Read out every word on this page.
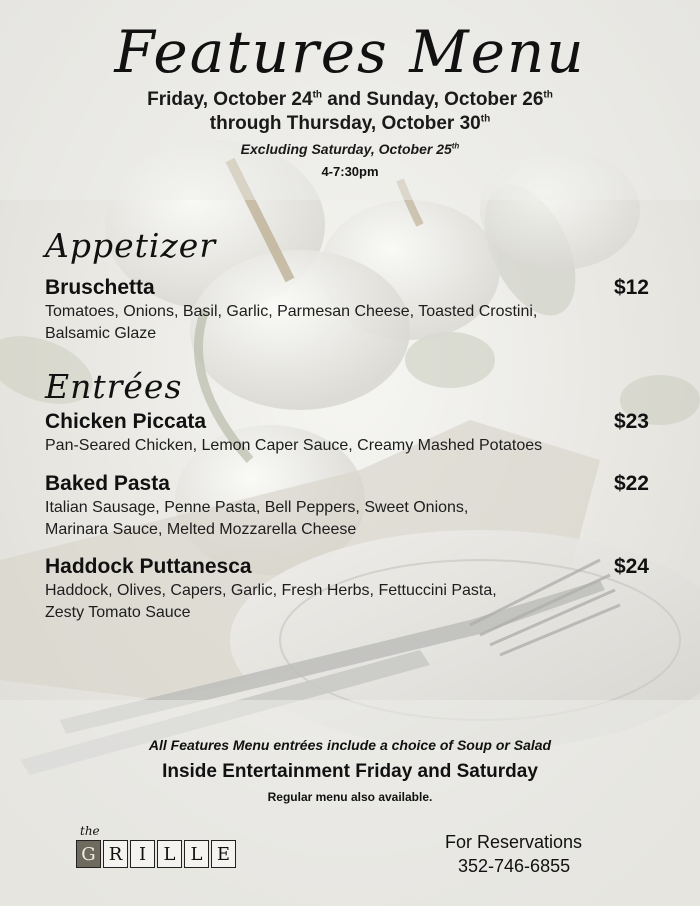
Features Menu
Friday, October 24th and Sunday, October 26th
through Thursday, October 30th
Excluding Saturday, October 25th
4-7:30pm
Appetizer
Bruschetta	$12
Tomatoes, Onions, Basil, Garlic, Parmesan Cheese, Toasted Crostini,
Balsamic Glaze
Entrées
Chicken Piccata	$23
Pan-Seared Chicken, Lemon Caper Sauce, Creamy Mashed Potatoes
Baked Pasta	$22
Italian Sausage, Penne Pasta, Bell Peppers, Sweet Onions,
Marinara Sauce, Melted Mozzarella Cheese
Haddock Puttanesca	$24
Haddock, Olives, Capers, Garlic, Fresh Herbs, Fettuccini Pasta,
Zesty Tomato Sauce
All Features Menu entrées include a choice of Soup or Salad
Inside Entertainment Friday and Saturday
Regular menu also available.
the
G R I L L E
For Reservations
352-746-6855
